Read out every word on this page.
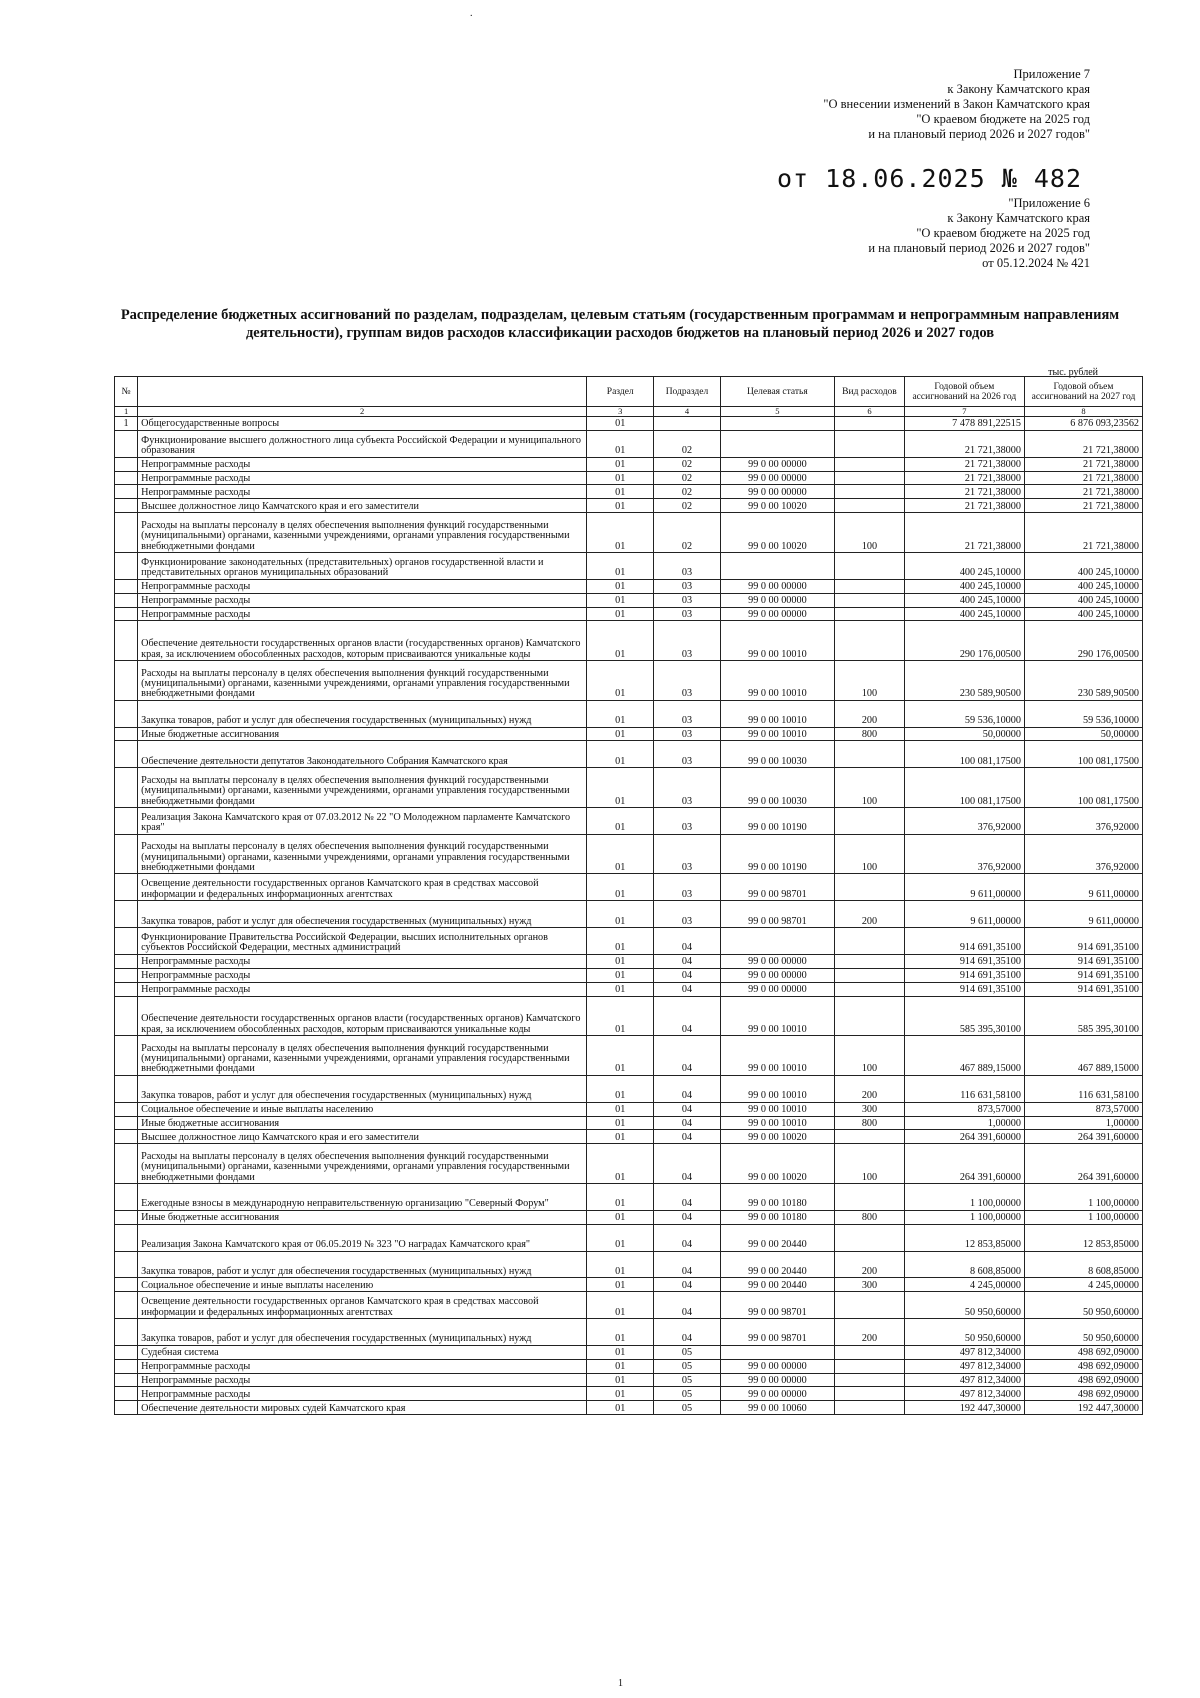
.
Приложение 7
к Закону Камчатского края
"О внесении изменений в Закон Камчатского края
"О краевом бюджете на 2025 год
и на плановый период 2026 и 2027 годов"
от 18.06.2025 № 482
"Приложение 6
к Закону Камчатского края
"О краевом бюджете на 2025 год
и на плановый период 2026 и 2027 годов"
от 05.12.2024 № 421
Распределение бюджетных ассигнований по разделам, подразделам, целевым статьям (государственным программам и непрограммным направлениям деятельности), группам видов расходов классификации расходов бюджетов на плановый период 2026 и 2027 годов
тыс. рублей
№		Раздел	Подраздел	Целевая статья	Вид расходов	Годовой объем ассигнований на 2026 год	Годовой объем ассигнований на 2027 год
1	2	3	4	5	6	7	8
1	Общегосударственные вопросы	01				7 478 891,22515	6 876 093,23562
	Функционирование высшего должностного лица субъекта Российской Федерации и муниципального образования	01	02			21 721,38000	21 721,38000
	Непрограммные расходы	01	02	99 0 00 00000		21 721,38000	21 721,38000
	Непрограммные расходы	01	02	99 0 00 00000		21 721,38000	21 721,38000
	Непрограммные расходы	01	02	99 0 00 00000		21 721,38000	21 721,38000
	Высшее должностное лицо Камчатского края и его заместители	01	02	99 0 00 10020		21 721,38000	21 721,38000
	Расходы на выплаты персоналу в целях обеспечения выполнения функций государственными (муниципальными) органами, казенными учреждениями, органами управления государственными внебюджетными фондами	01	02	99 0 00 10020	100	21 721,38000	21 721,38000
	Функционирование законодательных (представительных) органов государственной власти и представительных органов муниципальных образований	01	03			400 245,10000	400 245,10000
	Непрограммные расходы	01	03	99 0 00 00000		400 245,10000	400 245,10000
	Непрограммные расходы	01	03	99 0 00 00000		400 245,10000	400 245,10000
	Непрограммные расходы	01	03	99 0 00 00000		400 245,10000	400 245,10000
	Обеспечение деятельности государственных органов власти (государственных органов) Камчатского края, за исключением обособленных расходов, которым присваиваются уникальные коды	01	03	99 0 00 10010		290 176,00500	290 176,00500
	Расходы на выплаты персоналу в целях обеспечения выполнения функций государственными (муниципальными) органами, казенными учреждениями, органами управления государственными внебюджетными фондами	01	03	99 0 00 10010	100	230 589,90500	230 589,90500
	Закупка товаров, работ и услуг для обеспечения государственных (муниципальных) нужд	01	03	99 0 00 10010	200	59 536,10000	59 536,10000
	Иные бюджетные ассигнования	01	03	99 0 00 10010	800	50,00000	50,00000
	Обеспечение деятельности депутатов Законодательного Собрания Камчатского края	01	03	99 0 00 10030		100 081,17500	100 081,17500
	Расходы на выплаты персоналу в целях обеспечения выполнения функций государственными (муниципальными) органами, казенными учреждениями, органами управления государственными внебюджетными фондами	01	03	99 0 00 10030	100	100 081,17500	100 081,17500
	Реализация Закона Камчатского края от 07.03.2012 № 22 "О Молодежном парламенте Камчатского края"	01	03	99 0 00 10190		376,92000	376,92000
	Расходы на выплаты персоналу в целях обеспечения выполнения функций государственными (муниципальными) органами, казенными учреждениями, органами управления государственными внебюджетными фондами	01	03	99 0 00 10190	100	376,92000	376,92000
	Освещение деятельности государственных органов Камчатского края в средствах массовой информации и федеральных информационных агентствах	01	03	99 0 00 98701		9 611,00000	9 611,00000
	Закупка товаров, работ и услуг для обеспечения государственных (муниципальных) нужд	01	03	99 0 00 98701	200	9 611,00000	9 611,00000
	Функционирование Правительства Российской Федерации, высших исполнительных органов субъектов Российской Федерации, местных администраций	01	04			914 691,35100	914 691,35100
	Непрограммные расходы	01	04	99 0 00 00000		914 691,35100	914 691,35100
	Непрограммные расходы	01	04	99 0 00 00000		914 691,35100	914 691,35100
	Непрограммные расходы	01	04	99 0 00 00000		914 691,35100	914 691,35100
	Обеспечение деятельности государственных органов власти (государственных органов) Камчатского края, за исключением обособленных расходов, которым присваиваются уникальные коды	01	04	99 0 00 10010		585 395,30100	585 395,30100
	Расходы на выплаты персоналу в целях обеспечения выполнения функций государственными (муниципальными) органами, казенными учреждениями, органами управления государственными внебюджетными фондами	01	04	99 0 00 10010	100	467 889,15000	467 889,15000
	Закупка товаров, работ и услуг для обеспечения государственных (муниципальных) нужд	01	04	99 0 00 10010	200	116 631,58100	116 631,58100
	Социальное обеспечение и иные выплаты населению	01	04	99 0 00 10010	300	873,57000	873,57000
	Иные бюджетные ассигнования	01	04	99 0 00 10010	800	1,00000	1,00000
	Высшее должностное лицо Камчатского края и его заместители	01	04	99 0 00 10020		264 391,60000	264 391,60000
	Расходы на выплаты персоналу в целях обеспечения выполнения функций государственными (муниципальными) органами, казенными учреждениями, органами управления государственными внебюджетными фондами	01	04	99 0 00 10020	100	264 391,60000	264 391,60000
	Ежегодные взносы в международную неправительственную организацию "Северный Форум"	01	04	99 0 00 10180		1 100,00000	1 100,00000
	Иные бюджетные ассигнования	01	04	99 0 00 10180	800	1 100,00000	1 100,00000
	Реализация Закона Камчатского края от 06.05.2019 № 323 "О наградах Камчатского края"	01	04	99 0 00 20440		12 853,85000	12 853,85000
	Закупка товаров, работ и услуг для обеспечения государственных (муниципальных) нужд	01	04	99 0 00 20440	200	8 608,85000	8 608,85000
	Социальное обеспечение и иные выплаты населению	01	04	99 0 00 20440	300	4 245,00000	4 245,00000
	Освещение деятельности государственных органов Камчатского края в средствах массовой информации и федеральных информационных агентствах	01	04	99 0 00 98701		50 950,60000	50 950,60000
	Закупка товаров, работ и услуг для обеспечения государственных (муниципальных) нужд	01	04	99 0 00 98701	200	50 950,60000	50 950,60000
	Судебная система	01	05			497 812,34000	498 692,09000
	Непрограммные расходы	01	05	99 0 00 00000		497 812,34000	498 692,09000
	Непрограммные расходы	01	05	99 0 00 00000		497 812,34000	498 692,09000
	Непрограммные расходы	01	05	99 0 00 00000		497 812,34000	498 692,09000
	Обеспечение деятельности мировых судей Камчатского края	01	05	99 0 00 10060		192 447,30000	192 447,30000
1
